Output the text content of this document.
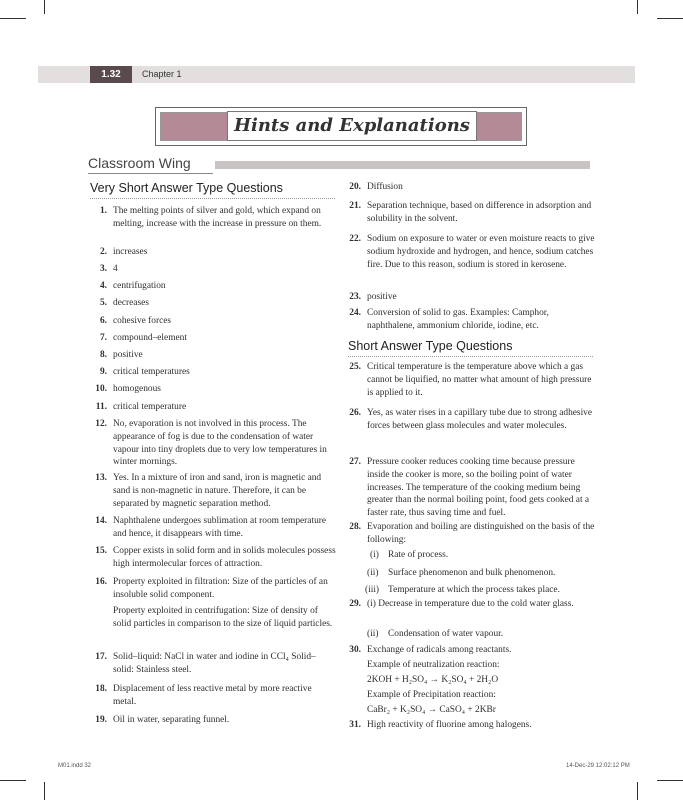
1.32	Chapter 1
Hints and Explanations
Classroom Wing
Very Short Answer Type Questions
1. The melting points of silver and gold, which expand on melting, increase with the increase in pressure on them.
2. increases
3. 4
4. centrifugation
5. decreases
6. cohesive forces
7. compound–element
8. positive
9. critical temperatures
10. homogenous
11. critical temperature
12. No, evaporation is not involved in this process. The appearance of fog is due to the condensation of water vapour into tiny droplets due to very low temperatures in winter mornings.
13. Yes. In a mixture of iron and sand, iron is magnetic and sand is non-magnetic in nature. Therefore, it can be separated by magnetic separation method.
14. Naphthalene undergoes sublimation at room temperature and hence, it disappears with time.
15. Copper exists in solid form and in solids molecules possess high intermolecular forces of attraction.
16. Property exploited in filtration: Size of the particles of an insoluble solid component.
Property exploited in centrifugation: Size of density of solid particles in comparison to the size of liquid particles.
17. Solid–liquid: NaCl in water and iodine in CCl₄ Solid–solid: Stainless steel.
18. Displacement of less reactive metal by more reactive metal.
19. Oil in water, separating funnel.
20. Diffusion
21. Separation technique, based on difference in adsorption and solubility in the solvent.
22. Sodium on exposure to water or even moisture reacts to give sodium hydroxide and hydrogen, and hence, sodium catches fire. Due to this reason, sodium is stored in kerosene.
23. positive
24. Conversion of solid to gas. Examples: Camphor, naphthalene, ammonium chloride, iodine, etc.
25. Critical temperature is the temperature above which a gas cannot be liquified, no matter what amount of high pressure is applied to it.
26. Yes, as water rises in a capillary tube due to strong adhesive forces between glass molecules and water molecules.
27. Pressure cooker reduces cooking time because pressure inside the cooker is more, so the boiling point of water increases. The temperature of the cooking medium being greater than the normal boiling point, food gets cooked at a faster rate, thus saving time and fuel.
28. Evaporation and boiling are distinguished on the basis of the following:
29. (i) Decrease in temperature due to the cold water glass.
30. Exchange of radicals among reactants.
31. High reactivity of fluorine among halogens.
Short Answer Type Questions
(i) Rate of process.
(ii) Surface phenomenon and bulk phenomenon.
(iii) Temperature at which the process takes place.
(ii) Condensation of water vapour.
Example of neutralization reaction:
2KOH + H₂SO₄ → K₂SO₄ + 2H₂O
Example of Precipitation reaction:
CaBr₂ + K₂SO₄ → CaSO₄ + 2KBr
M01.indd 32	14-Dec-29 12:02:12 PM
